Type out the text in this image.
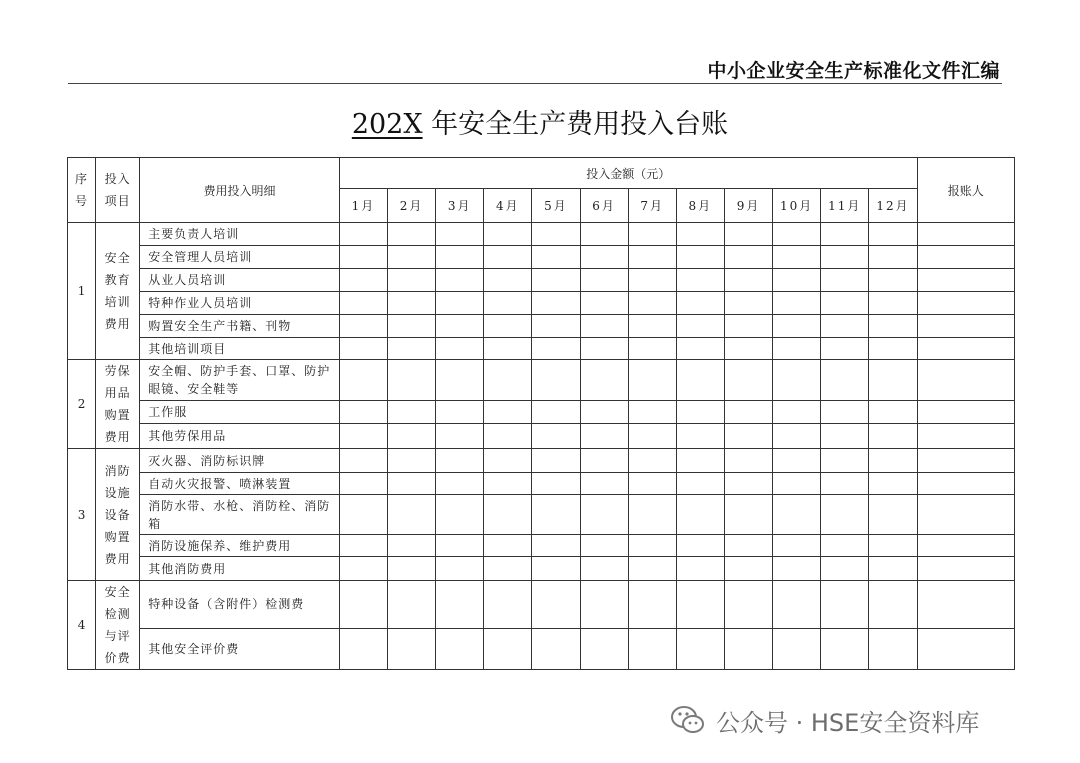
中小企业安全生产标准化文件汇编
202X 年安全生产费用投入台账
序号	投入项目	费用投入明细	投入金额（元）												报账人
			1月	2月	3月	4月	5月	6月	7月	8月	9月	10月	11月	12月	
1	安全教育培训费用	主要负责人培训													
		安全管理人员培训													
		从业人员培训													
		特种作业人员培训													
		购置安全生产书籍、刊物													
		其他培训项目													
2	劳保用品购置费用	安全帽、防护手套、口罩、防护眼镜、安全鞋等													
		工作服													
		其他劳保用品													
3	消防设施设备购置费用	灭火器、消防标识牌													
		自动火灾报警、喷淋装置													
		消防水带、水枪、消防栓、消防箱													
		消防设施保养、维护费用													
		其他消防费用													
4	安全检测与评价费	特种设备（含附件）检测费													
		其他安全评价费													
公众号 · HSE安全资料库
